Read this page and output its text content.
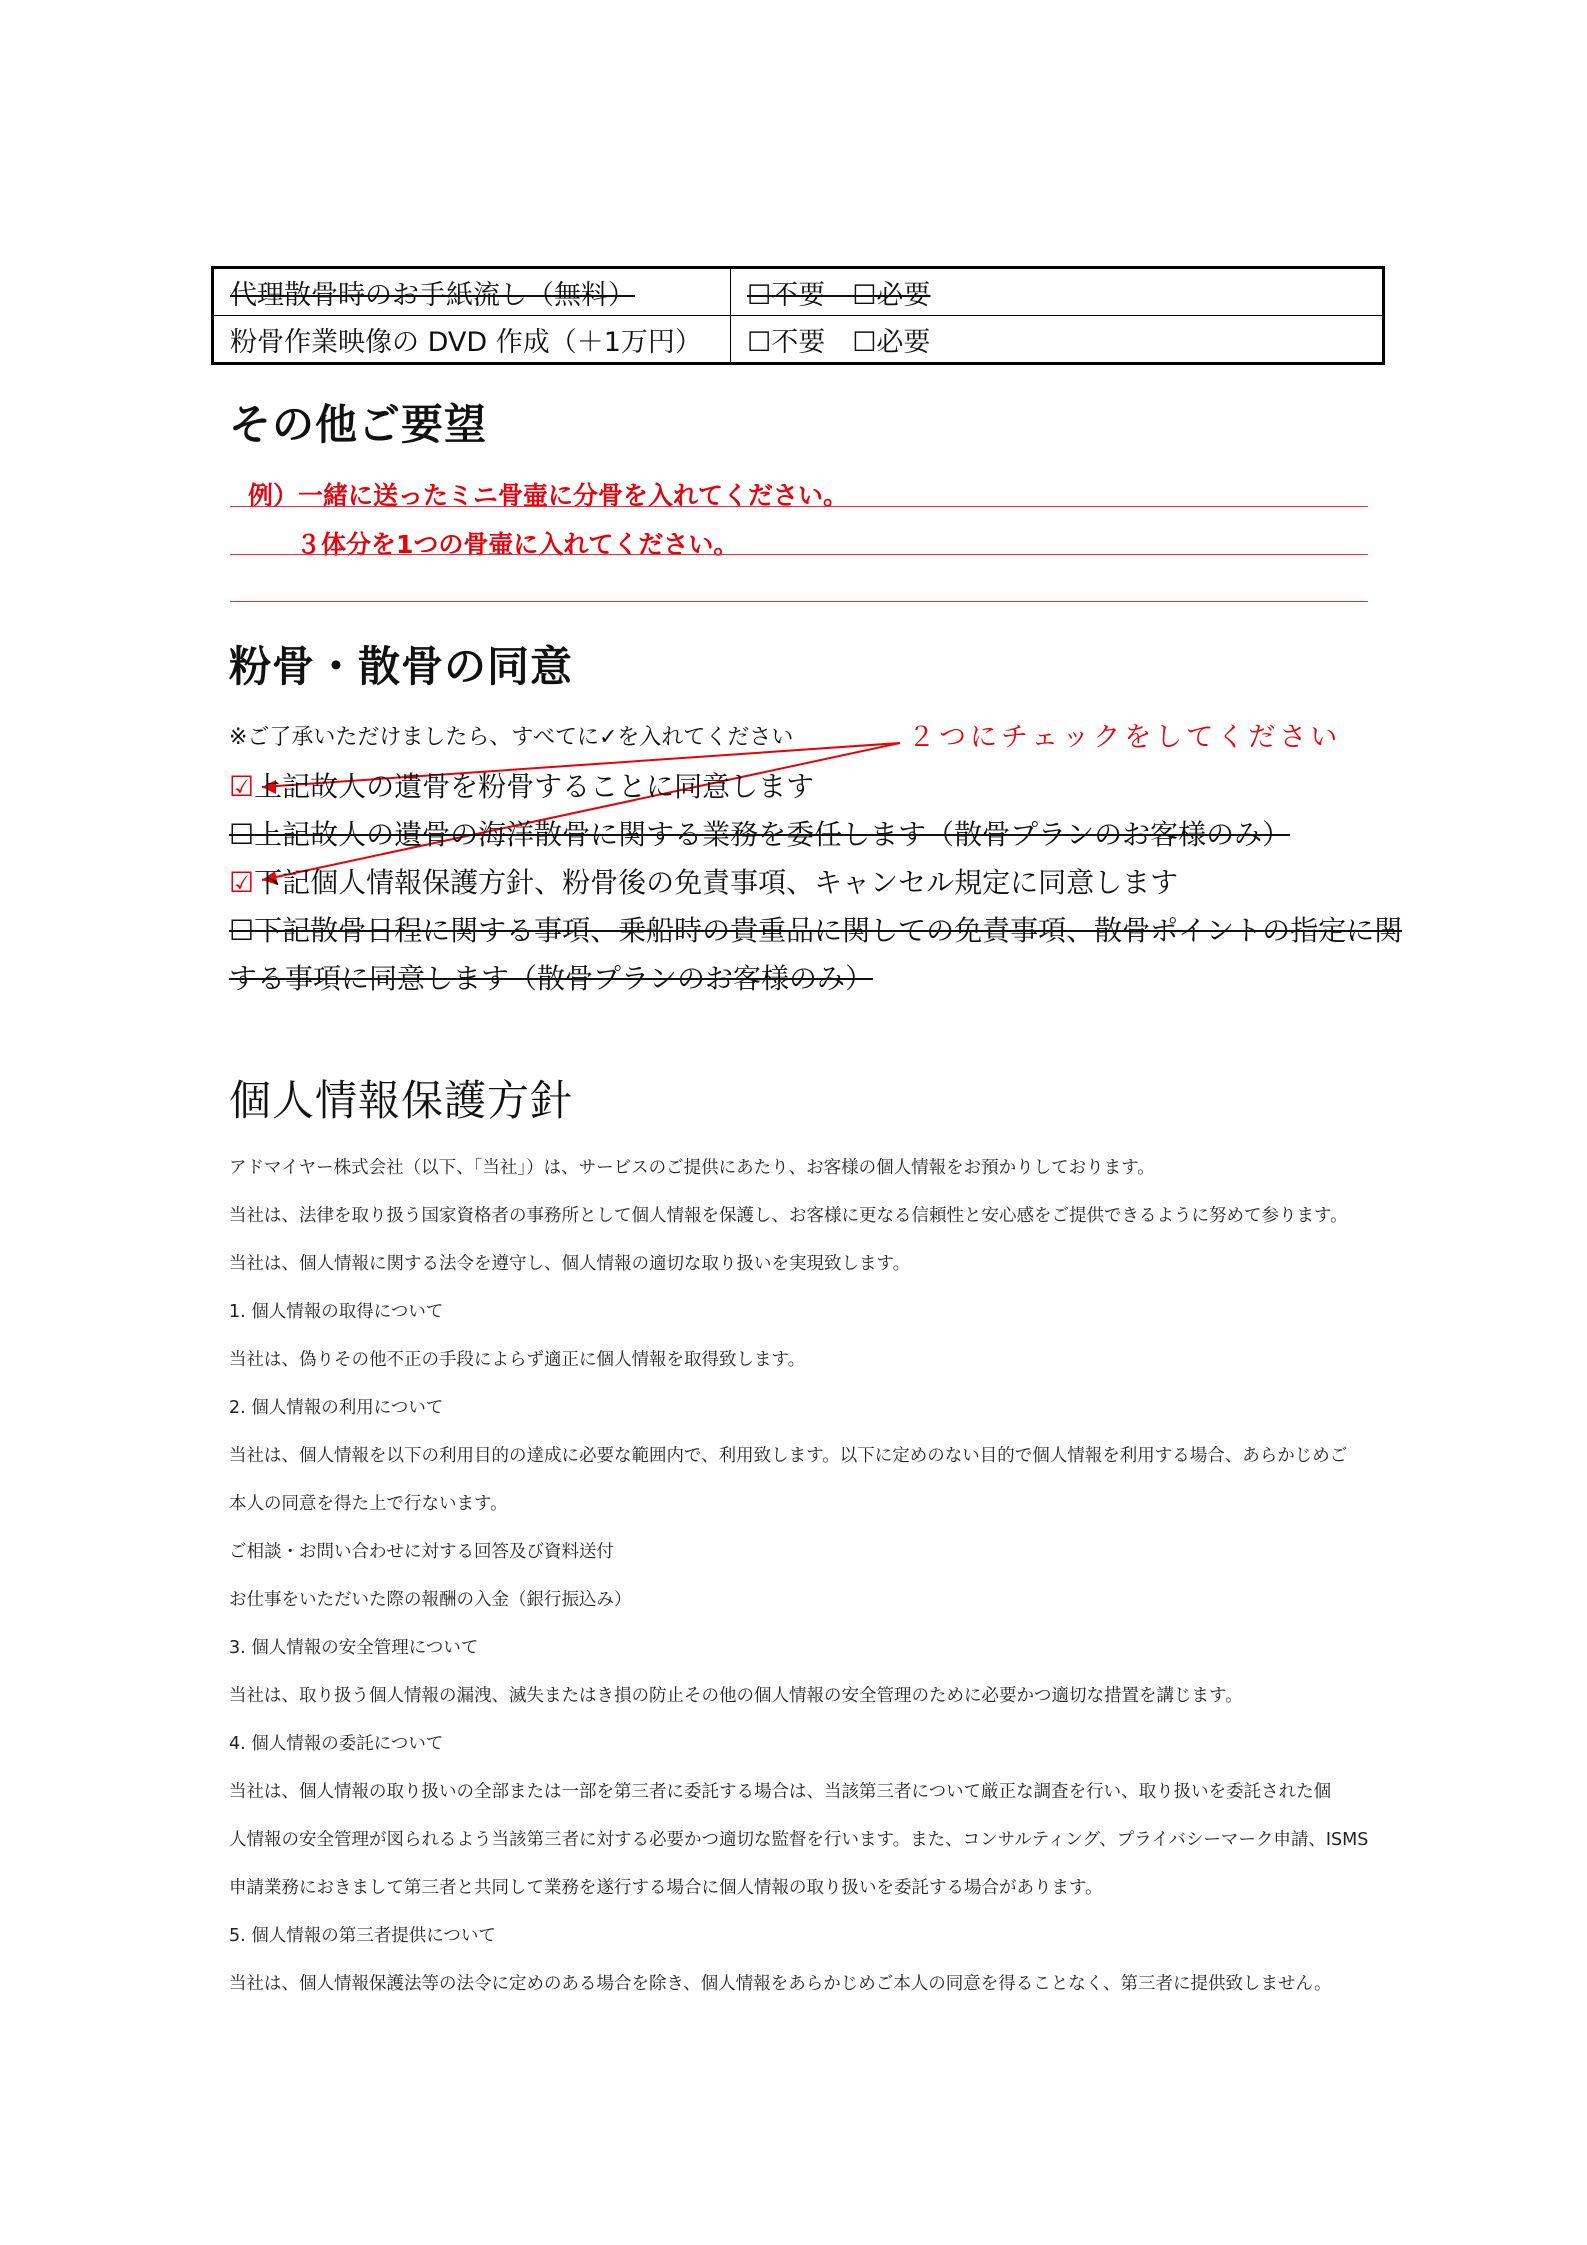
代理散骨時のお手紙流し（無料）	☐不要　☐必要
粉骨作業映像の DVD 作成（＋1万円）	☐不要　☐必要
その他ご要望
例）一緒に送ったミニ骨壷に分骨を入れてください。
３体分を1つの骨壷に入れてください。
粉骨・散骨の同意
※ご了承いただけましたら、すべてに✓を入れてください	２つにチェックをしてください
☑上記故人の遺骨を粉骨することに同意します
☐上記故人の遺骨の海洋散骨に関する業務を委任します（散骨プランのお客様のみ）
☑下記個人情報保護方針、粉骨後の免責事項、キャンセル規定に同意します
☐下記散骨日程に関する事項、乗船時の貴重品に関しての免責事項、散骨ポイントの指定に関
する事項に同意します（散骨プランのお客様のみ）
個人情報保護方針

アドマイヤー株式会社（以下、「当社」）は、サービスのご提供にあたり、お客様の個人情報をお預かりしております。

当社は、法律を取り扱う国家資格者の事務所として個人情報を保護し、お客様に更なる信頼性と安心感をご提供できるように努めて参ります。

当社は、個人情報に関する法令を遵守し、個人情報の適切な取り扱いを実現致します。

1. 個人情報の取得について

当社は、偽りその他不正の手段によらず適正に個人情報を取得致します。

2. 個人情報の利用について

当社は、個人情報を以下の利用目的の達成に必要な範囲内で、利用致します。以下に定めのない目的で個人情報を利用する場合、あらかじめご

本人の同意を得た上で行ないます。

ご相談・お問い合わせに対する回答及び資料送付

お仕事をいただいた際の報酬の入金（銀行振込み）

3. 個人情報の安全管理について

当社は、取り扱う個人情報の漏洩、滅失またはき損の防止その他の個人情報の安全管理のために必要かつ適切な措置を講じます。

4. 個人情報の委託について

当社は、個人情報の取り扱いの全部または一部を第三者に委託する場合は、当該第三者について厳正な調査を行い、取り扱いを委託された個

人情報の安全管理が図られるよう当該第三者に対する必要かつ適切な監督を行います。また、コンサルティング、プライバシーマーク申請、ISMS

申請業務におきまして第三者と共同して業務を遂行する場合に個人情報の取り扱いを委託する場合があります。

5. 個人情報の第三者提供について

当社は、個人情報保護法等の法令に定めのある場合を除き、個人情報をあらかじめご本人の同意を得ることなく、第三者に提供致しません。
